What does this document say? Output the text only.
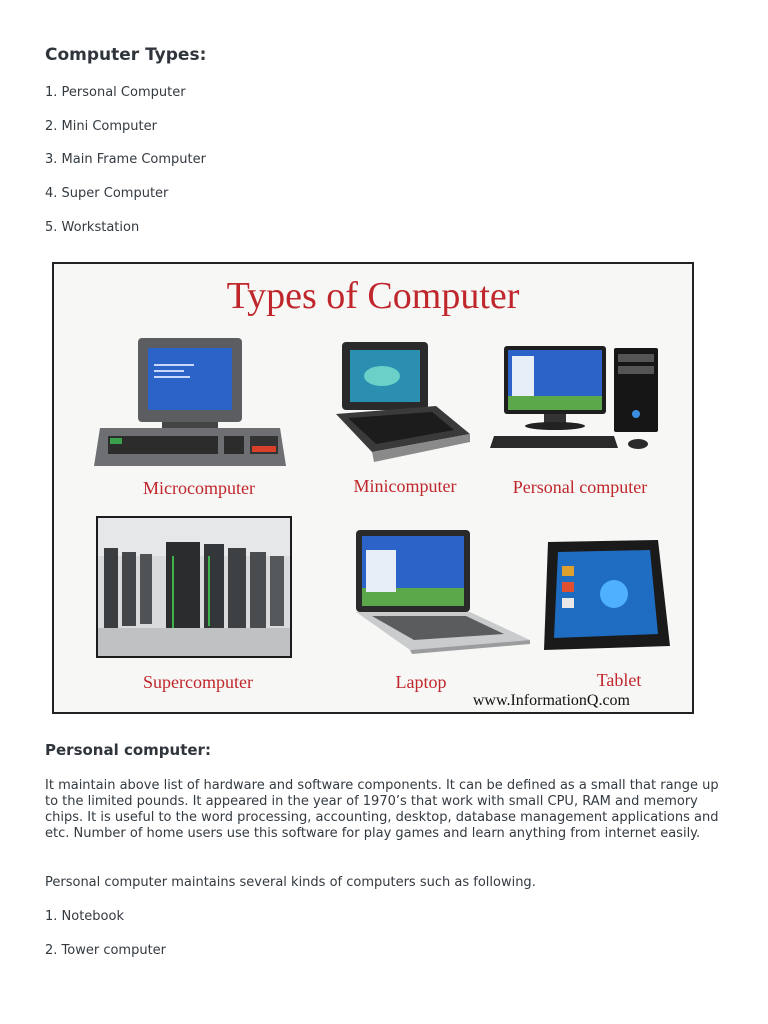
Computer Types:

1. Personal Computer

2. Mini Computer

3. Main Frame Computer

4. Super Computer

5. Workstation

Types of Computer
Microcomputer	Minicomputer	Personal computer
Supercomputer	Laptop	Tablet
www.InformationQ.com
Personal computer:

It maintain above list of hardware and software components. It can be defined as a small that range up to the limited pounds. It appeared in the year of 1970’s that work with small CPU, RAM and memory chips. It is useful to the word processing, accounting, desktop, database management applications and etc. Number of home users use this software for play games and learn anything from internet easily.

Personal computer maintains several kinds of computers such as following.

1. Notebook

2. Tower computer
